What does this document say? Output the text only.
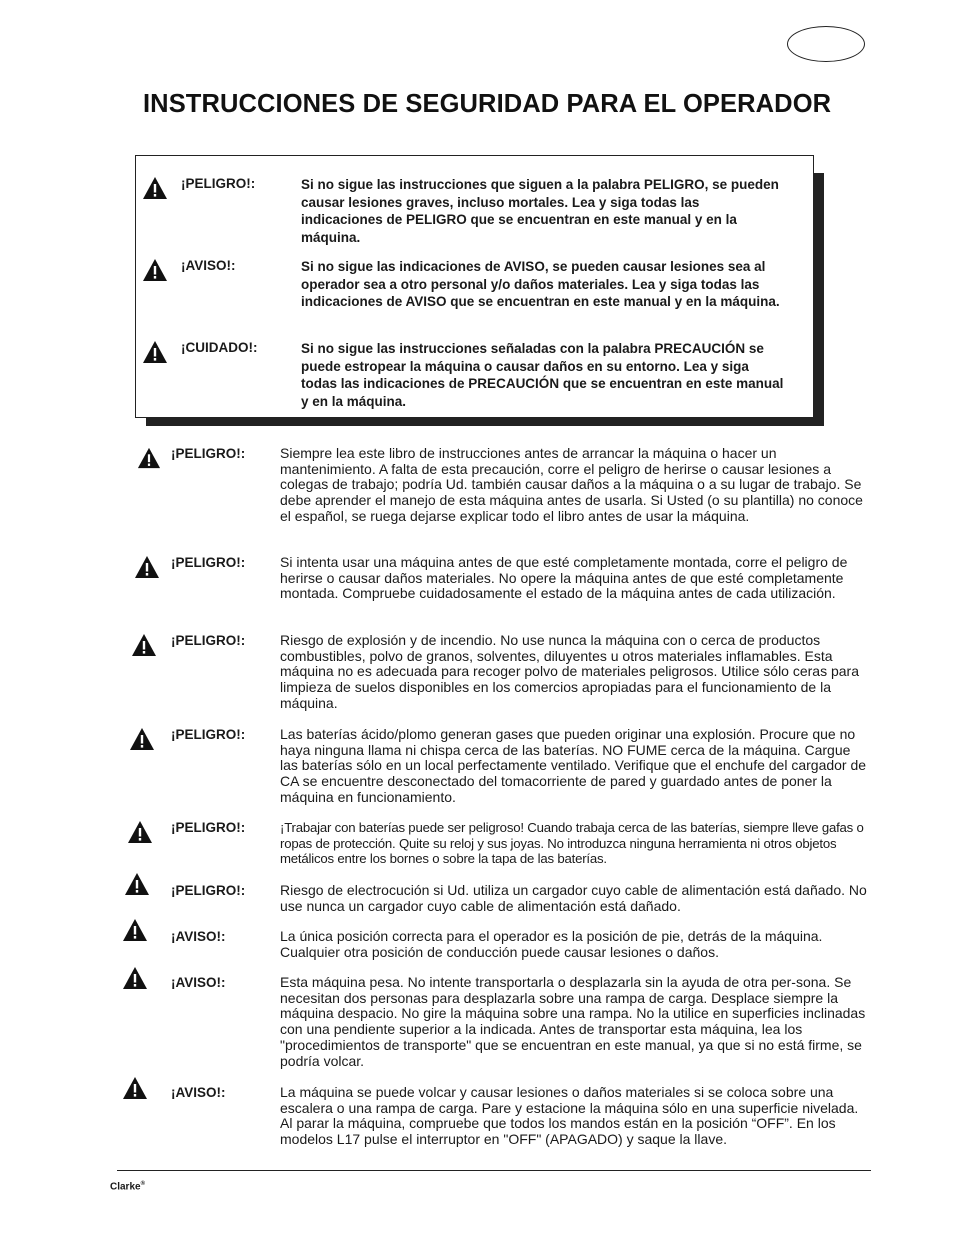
INSTRUCCIONES DE SEGURIDAD PARA EL OPERADOR
¡PELIGRO!:	Si no sigue las instrucciones que siguen a la palabra PELIGRO, se pueden causar lesiones graves, incluso mortales. Lea y siga todas las indicaciones de PELIGRO que se encuentran en este manual y en la máquina.
¡AVISO!:	Si no sigue las indicaciones de AVISO, se pueden causar lesiones sea al operador sea a otro personal y/o daños materiales. Lea y siga todas las indicaciones de AVISO que se encuentran en este manual y en la máquina.
¡CUIDADO!:	Si no sigue las instrucciones señaladas con la palabra PRECAUCIÓN se puede estropear la máquina o causar daños en su entorno. Lea y siga todas las indicaciones de PRECAUCIÓN que se encuentran en este manual y en la máquina.
¡PELIGRO!: Siempre lea este libro de instrucciones antes de arrancar la máquina o hacer un mantenimiento. A falta de esta precaución, corre el peligro de herirse o causar lesiones a colegas de trabajo; podría Ud. también causar daños a la máquina o a su lugar de trabajo. Se debe aprender el manejo de esta máquina antes de usarla. Si Usted (o su plantilla) no conoce el español, se ruega dejarse explicar todo el libro antes de usar la máquina.
¡PELIGRO!: Si intenta usar una máquina antes de que esté completamente montada, corre el peligro de herirse o causar daños materiales. No opere la máquina antes de que esté completamente montada. Compruebe cuidadosamente el estado de la máquina antes de cada utilización.
¡PELIGRO!: Riesgo de explosión y de incendio. No use nunca la máquina con o cerca de productos combustibles, polvo de granos, solventes, diluyentes u otros materiales inflamables. Esta máquina no es adecuada para recoger polvo de materiales peligrosos. Utilice sólo ceras para limpieza de suelos disponibles en los comercios apropiadas para el funcionamiento de la máquina.
¡PELIGRO!: Las baterías ácido/plomo generan gases que pueden originar una explosión. Procure que no haya ninguna llama ni chispa cerca de las baterías. NO FUME cerca de la máquina. Cargue las baterías sólo en un local perfectamente ventilado. Verifique que el enchufe del cargador de CA se encuentre desconectado del tomacorriente de pared y guardado antes de poner la máquina en funcionamiento.
¡PELIGRO!:	¡Trabajar con baterías puede ser peligroso! Cuando trabaja cerca de las baterías, siempre lleve gafas o ropas de protección. Quite su reloj y sus joyas. No introduzca ninguna herramienta ni otros objetos metálicos entre los bornes o sobre la tapa de las baterías.
¡PELIGRO!: Riesgo de electrocución si Ud. utiliza un cargador cuyo cable de alimentación está dañado. No use nunca un cargador cuyo cable de alimentación está dañado.
¡AVISO!:	La única posición correcta para el operador es la posición de pie, detrás de la máquina. Cualquier otra posición de conducción puede causar lesiones o daños.
¡AVISO!:	Esta máquina pesa. No intente transportarla o desplazarla sin la ayuda de otra per-sona. Se necesitan dos personas para desplazarla sobre una rampa de carga. Desplace siempre la máquina despacio. No gire la máquina sobre una rampa. No la utilice en superficies inclinadas con una pendiente superior a la indicada. Antes de transportar esta máquina, lea los "procedimientos de transporte" que se encuentran en este manual, ya que si no está firme, se podría volcar.
¡AVISO!:	La máquina se puede volcar y causar lesiones o daños materiales si se coloca sobre una escalera o una rampa de carga. Pare y estacione la máquina sólo en una superficie nivelada. Al parar la máquina, compruebe que todos los mandos están en la posición “OFF”. En los modelos L17 pulse el interruptor en "OFF" (APAGADO) y saque la llave.
Clarke®
